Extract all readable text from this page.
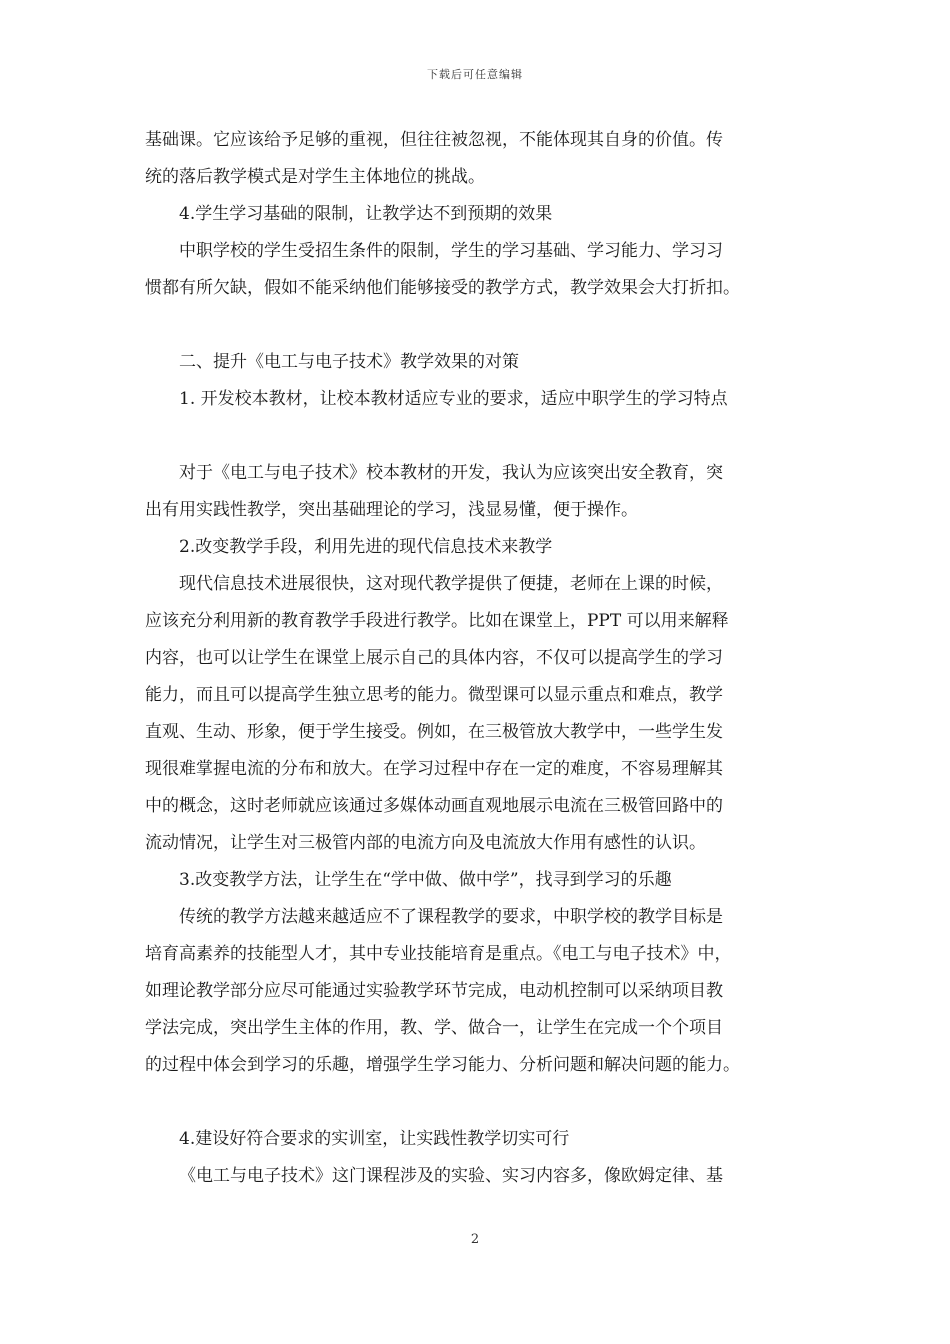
下载后可任意编辑
基础课。它应该给予足够的重视，但往往被忽视，不能体现其自身的价值。传
统的落后教学模式是对学生主体地位的挑战。
4.学生学习基础的限制，让教学达不到预期的效果
中职学校的学生受招生条件的限制，学生的学习基础、学习能力、学习习
惯都有所欠缺，假如不能采纳他们能够接受的教学方式，教学效果会大打折扣。
二、提升《电工与电子技术》教学效果的对策
1. 开发校本教材，让校本教材适应专业的要求，适应中职学生的学习特点
对于《电工与电子技术》校本教材的开发，我认为应该突出安全教育，突
出有用实践性教学，突出基础理论的学习，浅显易懂，便于操作。
2.改变教学手段，利用先进的现代信息技术来教学
现代信息技术进展很快，这对现代教学提供了便捷，老师在上课的时候，
应该充分利用新的教育教学手段进行教学。比如在课堂上，PPT 可以用来解释
内容，也可以让学生在课堂上展示自己的具体内容，不仅可以提高学生的学习
能力，而且可以提高学生独立思考的能力。微型课可以显示重点和难点，教学
直观、生动、形象，便于学生接受。例如，在三极管放大教学中，一些学生发
现很难掌握电流的分布和放大。在学习过程中存在一定的难度，不容易理解其
中的概念，这时老师就应该通过多媒体动画直观地展示电流在三极管回路中的
流动情况，让学生对三极管内部的电流方向及电流放大作用有感性的认识。
3.改变教学方法，让学生在“学中做、做中学”，找寻到学习的乐趣
传统的教学方法越来越适应不了课程教学的要求，中职学校的教学目标是
培育高素养的技能型人才，其中专业技能培育是重点。《电工与电子技术》中，
如理论教学部分应尽可能通过实验教学环节完成，电动机控制可以采纳项目教
学法完成，突出学生主体的作用，教、学、做合一，让学生在完成一个个项目
的过程中体会到学习的乐趣，增强学生学习能力、分析问题和解决问题的能力。
4.建设好符合要求的实训室，让实践性教学切实可行
《电工与电子技术》这门课程涉及的实验、实习内容多，像欧姆定律、基
2
